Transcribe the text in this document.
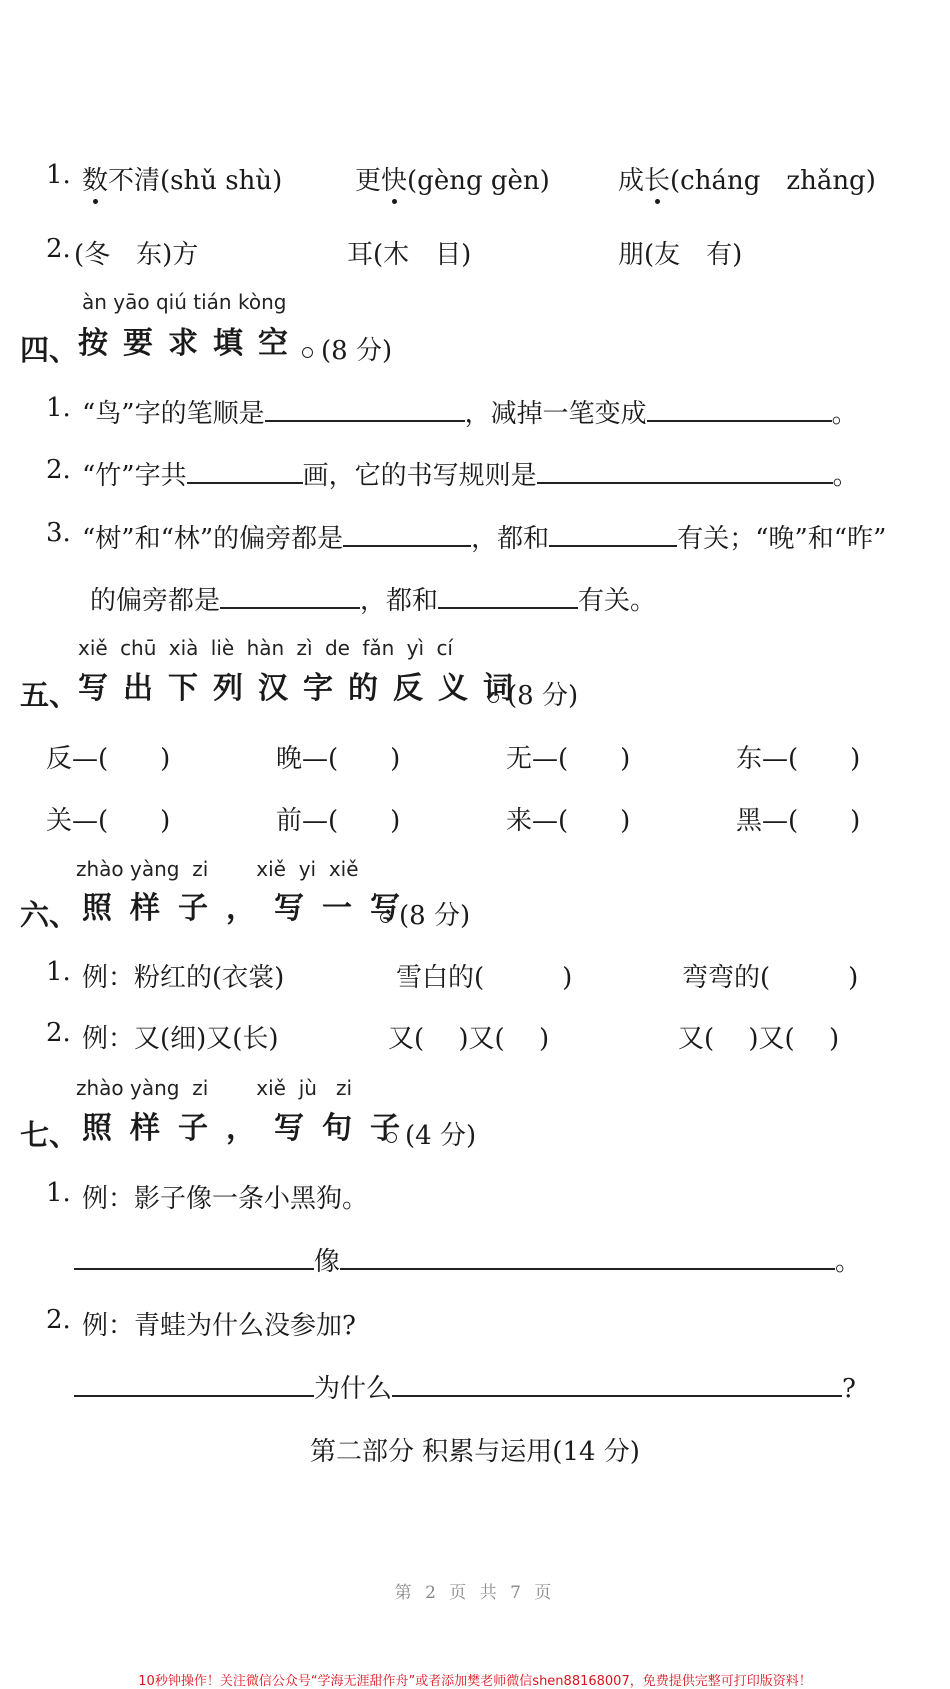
1. 数不清(shǔ shù)	更快(gèng gèn)	成长(cháng　zhǎng)
2. (冬　东)方	耳(木　目)	朋(友　有)
àn yāo qiú tián kòng
四、 按要求填空 (8 分)
1. “鸟”字的笔顺是	，减掉一笔变成	。
2. “竹”字共	画，它的书写规则是	。
3. “树”和“林”的偏旁都是	，都和	有关；“晚”和“昨”
的偏旁都是	，都和	有关。
xiě chū xià liè hàn zì de fǎn yì cí
五、 写出下列汉字的反义词
(8 分)
反—(　　)	晚—(　　)	无—(　　)	东—(　　)
关—(　　)	前—(　　)	来—(　　)	黑—(　　)
zhào yàng zi xiě yi xiě
六、 照样子，写一写
(8 分)
1. 例：粉红的(衣裳)	雪白的(　　　)	弯弯的(　　　)
2. 例：又(细)又(长)	又(　 )又(　 )	又(　 )又(　 )
zhào yàng zi xiě jù zi
七、 照样子，写句子
(4 分)
1. 例：影子像一条小黑狗。
像	。
2. 例：青蛙为什么没参加?
为什么	?
第二部分 积累与运用(14 分)
第 2 页 共 7 页
10秒钟操作！关注微信公众号“学海无涯甜作舟”或者添加樊老师微信shen88168007，免费提供完整可打印版资料！
